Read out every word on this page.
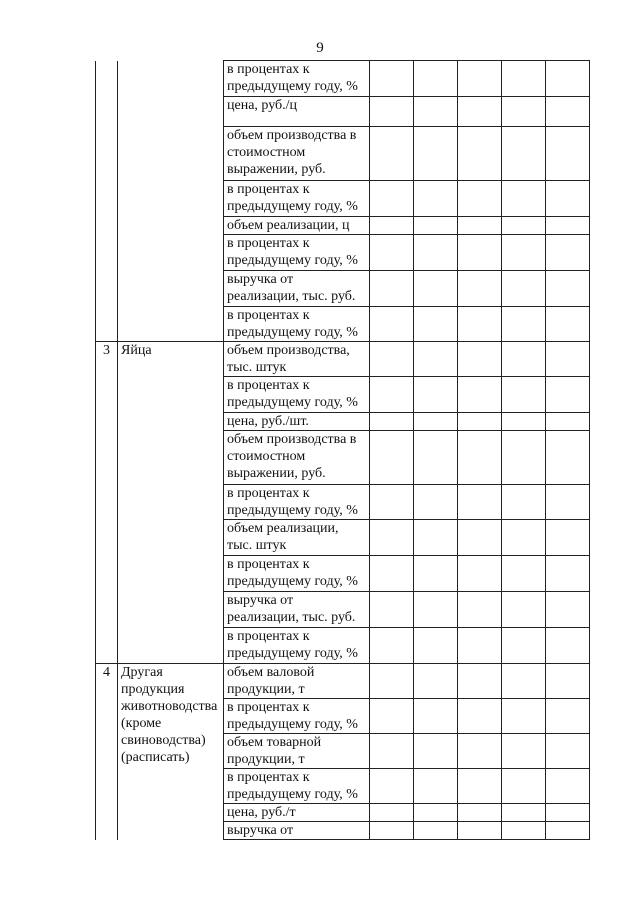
9
		в процентах к предыдущему году, %					
		цена, руб./ц					
		объем производства в стоимостном выражении, руб.					
		в процентах к предыдущему году, %					
		объем реализации, ц					
		в процентах к предыдущему году, %					
		выручка от реализации, тыс. руб.					
		в процентах к предыдущему году, %					
3	Яйца	объем производства, тыс. штук					
		в процентах к предыдущему году, %					
		цена, руб./шт.					
		объем производства в стоимостном выражении, руб.					
		в процентах к предыдущему году, %					
		объем реализации, тыс. штук					
		в процентах к предыдущему году, %					
		выручка от реализации, тыс. руб.					
		в процентах к предыдущему году, %					
4	Другая продукция животноводства (кроме свиноводства) (расписать)	объем валовой продукции, т					
		в процентах к предыдущему году, %					
		объем товарной продукции, т					
		в процентах к предыдущему году, %					
		цена, руб./т					
		выручка от					
